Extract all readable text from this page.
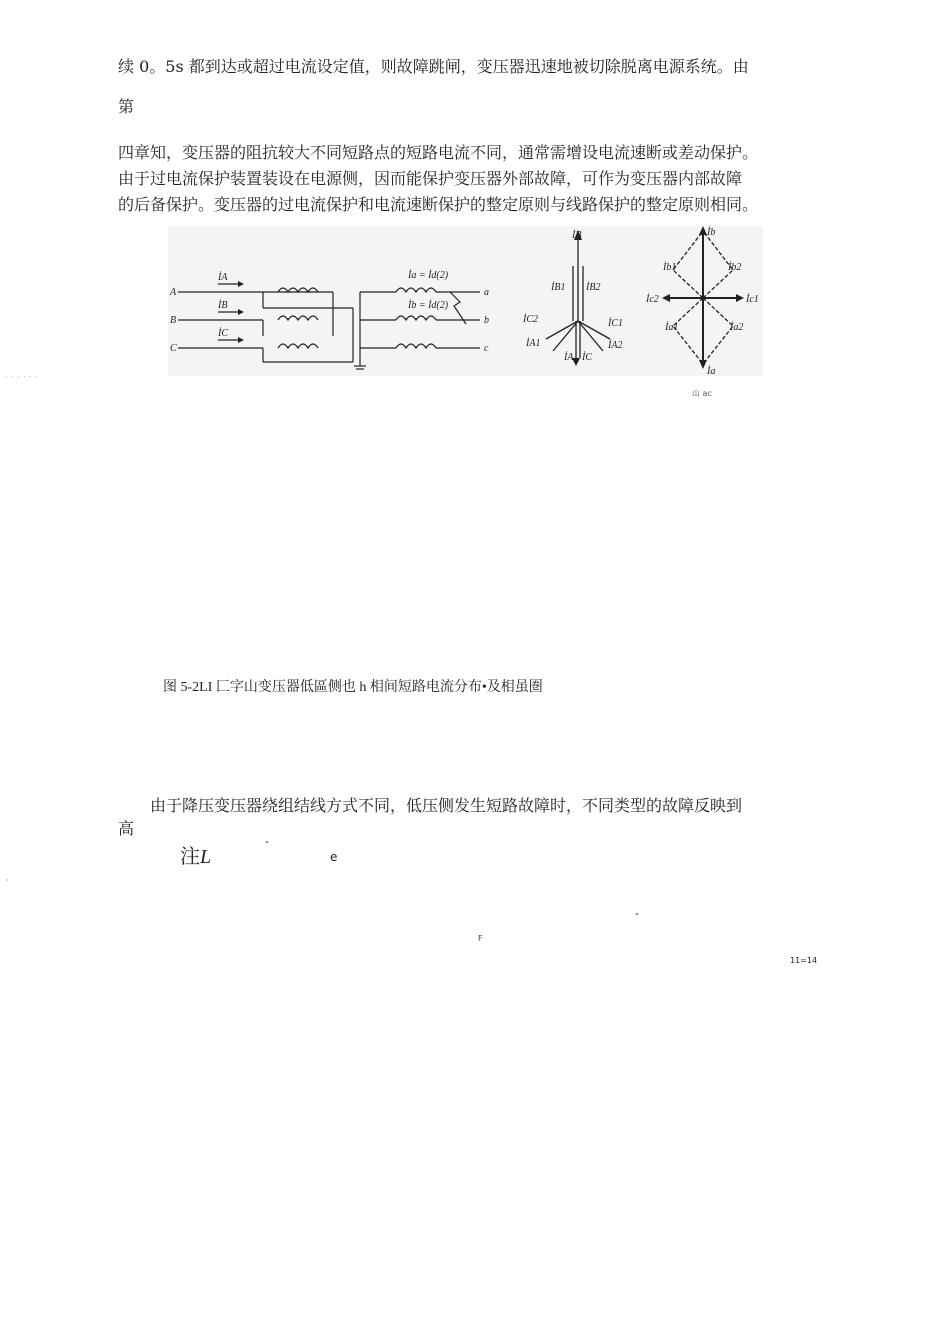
续 0。5s 都到达或超过电流设定值，则故障跳闸，变压器迅速地被切除脱离电源系统。由
第
四章知，变压器的阻抗较大不同短路点的短路电流不同，通常需增设电流速断或差动保护。
由于过电流保护装置装设在电源侧，因而能保护变压器外部故障，可作为变压器内部故障
的后备保护。变压器的过电流保护和电流速断保护的整定原则与线路保护的整定原则相同。
A
B
C
a
b
c
İA
İB
İC
İa = İd(2)
İb = İd(2)
İB
İB1 İB2
İC1
İC2
İA1	İA2
İA İC
İb
İb1	İb2
İc2	İc1
İa1	İa2
İa
山 ac
· · · · · ·
图 5-2LI 匚字山变压器低區侧也 h 相间短路电流分布•及相虽圏
由于降压变压器绕组结线方式不同，低压侧发生短路故障时，不同类型的故障反映到
高
注L
"
e
·
"
F
11=14
